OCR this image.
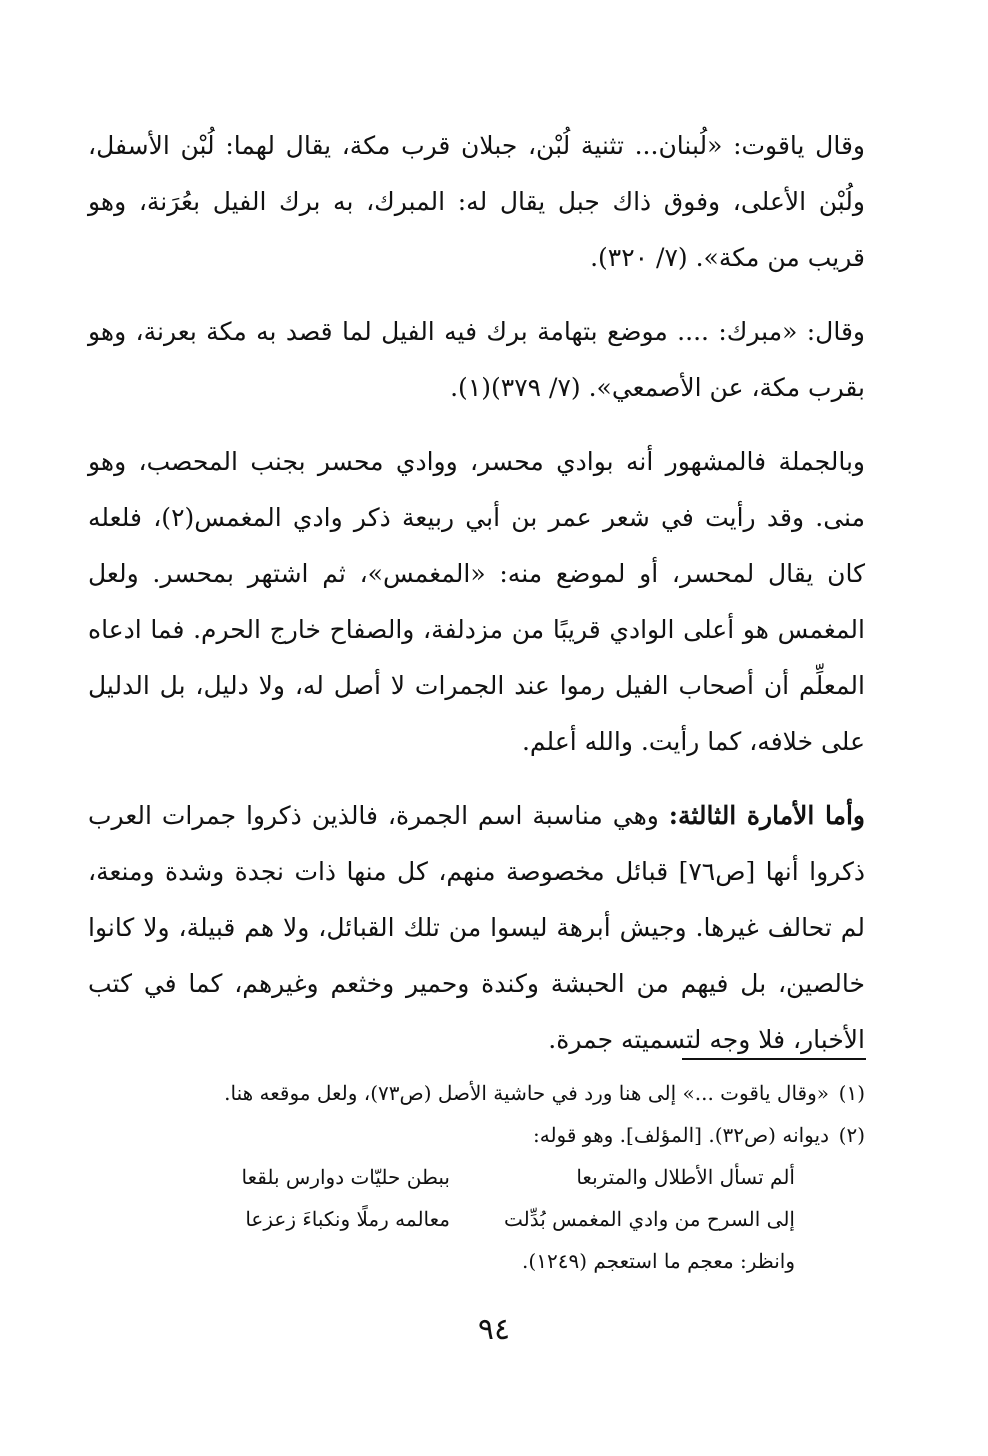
وقال ياقوت: «لُبنان... تثنية لُبْن، جبلان قرب مكة، يقال لهما: لُبْن الأسفل، ولُبْن الأعلى، وفوق ذاك جبل يقال له: المبرك، به برك الفيل بعُرَنة، وهو قريب من مكة». (٧/ ٣٢٠).

وقال: «مبرك: .... موضع بتهامة برك فيه الفيل لما قصد به مكة بعرنة، وهو بقرب مكة، عن الأصمعي». (٧/ ٣٧٩)(١).

وبالجملة فالمشهور أنه بوادي محسر، ووادي محسر بجنب المحصب، وهو منى. وقد رأيت في شعر عمر بن أبي ربيعة ذكر وادي المغمس(٢)، فلعله كان يقال لمحسر، أو لموضع منه: «المغمس»، ثم اشتهر بمحسر. ولعل المغمس هو أعلى الوادي قريبًا من مزدلفة، والصفاح خارج الحرم. فما ادعاه المعلِّم أن أصحاب الفيل رموا عند الجمرات لا أصل له، ولا دليل، بل الدليل على خلافه، كما رأيت. والله أعلم.

وأما الأمارة الثالثة: وهي مناسبة اسم الجمرة، فالذين ذكروا جمرات العرب ذكروا أنها [ص٧٦] قبائل مخصوصة منهم، كل منها ذات نجدة وشدة ومنعة، لم تحالف غيرها. وجيش أبرهة ليسوا من تلك القبائل، ولا هم قبيلة، ولا كانوا خالصين، بل فيهم من الحبشة وكندة وحمير وخثعم وغيرهم، كما في كتب الأخبار، فلا وجه لتسميته جمرة.

(١)
«وقال ياقوت ...» إلى هنا ورد في حاشية الأصل (ص٧٣)، ولعل موقعه هنا.
(٢)
ديوانه (ص٣٢). [المؤلف]. وهو قوله:
ألم تسأل الأطلال والمتربعا
ببطن حليّات دوارس بلقعا
إلى السرح من وادي المغمس بُدِّلت
معالمه رملًا ونكباءَ زعزعا
وانظر: معجم ما استعجم (١٢٤٩).
٩٤
